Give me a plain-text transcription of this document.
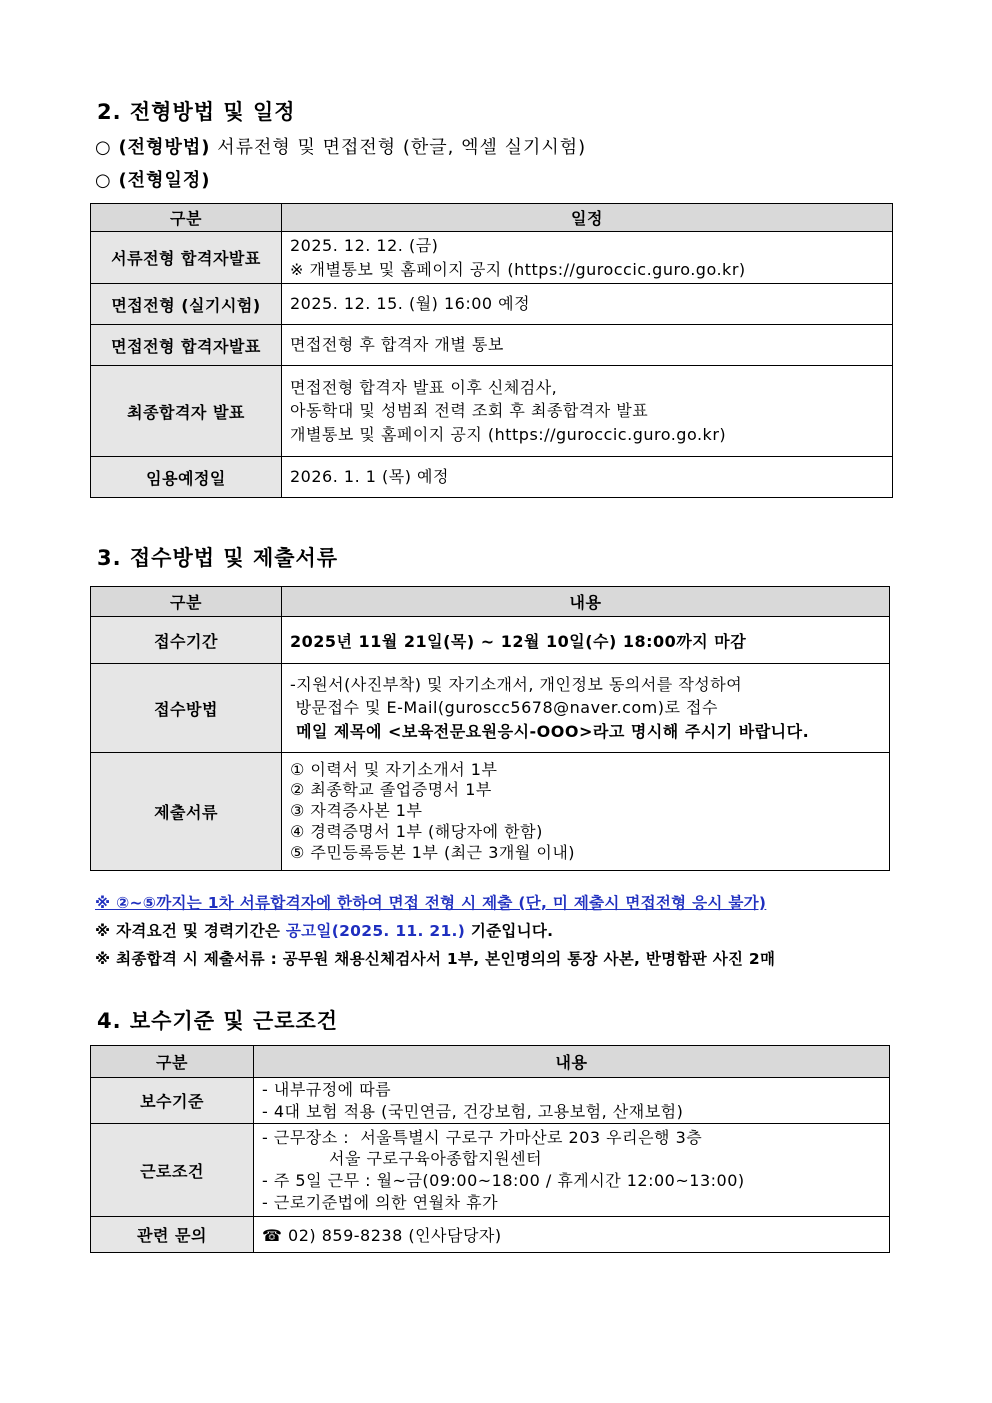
2. 전형방법 및 일정
○ (전형방법) 서류전형 및 면접전형 (한글, 엑셀 실기시험)
○ (전형일정)
구분	일정
서류전형 합격자발표	2025. 12. 12. (금)
※ 개별통보 및 홈페이지 공지 (https://guroccic.guro.go.kr)

면접전형 (실기시험)	2025. 12. 15. (월) 16:00 예정

면접전형 합격자발표	면접전형 후 합격자 개별 통보

최종합격자 발표	면접전형 합격자 발표 이후 신체검사,
아동학대 및 성범죄 전력 조회 후 최종합격자 발표
개별통보 및 홈페이지 공지 (https://guroccic.guro.go.kr)

임용예정일	2026. 1. 1 (목) 예정
3. 접수방법 및 제출서류
구분	내용
접수기간	2025년 11월 21일(목) ~ 12월 10일(수) 18:00까지 마감
접수방법	-지원서(사진부착) 및 자기소개서, 개인정보 동의서를 작성하여
방문접수 및 E-Mail(guroscc5678@naver.com)로 접수
메일 제목에 <보육전문요원응시-OOO>라고 명시해 주시기 바랍니다.

제출서류	① 이력서 및 자기소개서 1부
② 최종학교 졸업증명서 1부
③ 자격증사본 1부
④ 경력증명서 1부 (해당자에 한함)
⑤ 주민등록등본 1부 (최근 3개월 이내)
※ ②~⑤까지는 1차 서류합격자에 한하여 면접 전형 시 제출 (단, 미 제출시 면접전형 응시 불가)
※ 자격요건 및 경력기간은 공고일(2025. 11. 21.) 기준입니다.
※ 최종합격 시 제출서류 : 공무원 채용신체검사서 1부, 본인명의의 통장 사본, 반명함판 사진 2매
4. 보수기준 및 근로조건
구분	내용
보수기준	- 내부규정에 따름
- 4대 보험 적용 (국민연금, 건강보험, 고용보험, 산재보험)

근로조건	- 근무장소 :  서울특별시 구로구 가마산로 203 우리은행 3층
서울 구로구육아종합지원센터
- 주 5일 근무 : 월~금(09:00~18:00 / 휴게시간 12:00~13:00)
- 근로기준법에 의한 연월차 휴가

관련 문의	☎ 02) 859-8238 (인사담당자)
